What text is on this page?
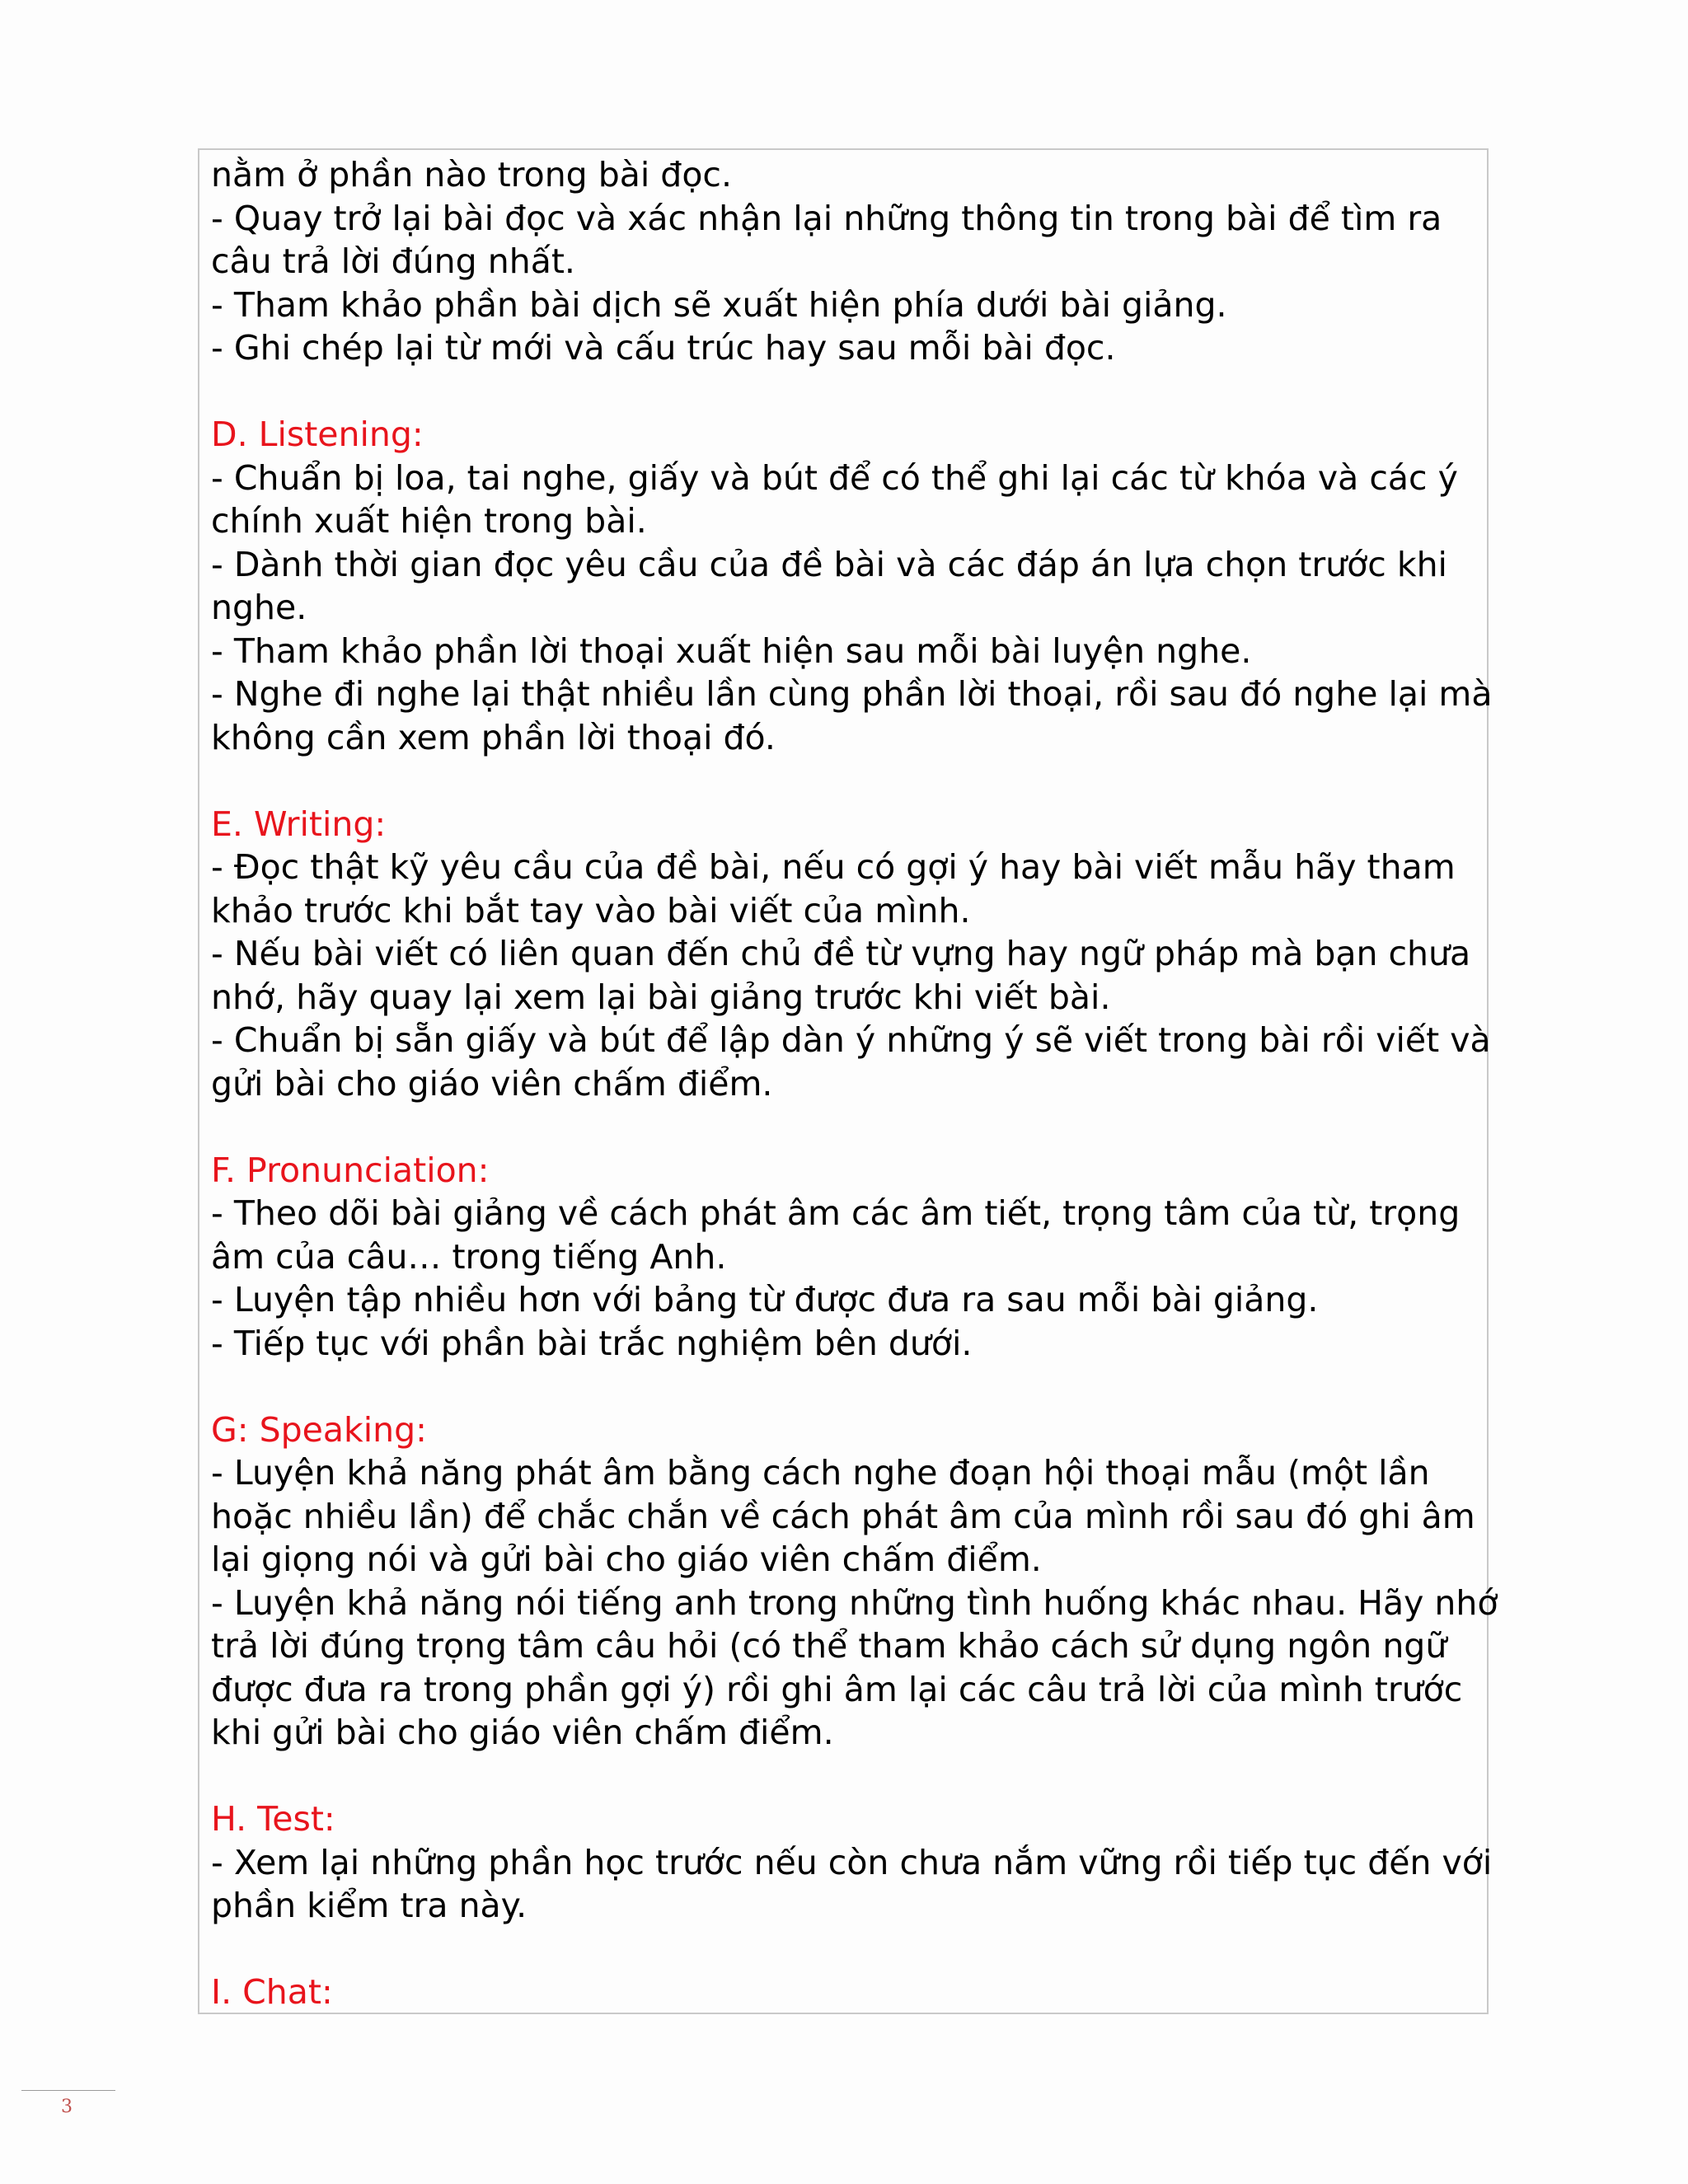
nằm ở phần nào trong bài đọc.
- Quay trở lại bài đọc và xác nhận lại những thông tin trong bài để tìm ra
câu trả lời đúng nhất.
- Tham khảo phần bài dịch sẽ xuất hiện phía dưới bài giảng.
- Ghi chép lại từ mới và cấu trúc hay sau mỗi bài đọc.
D. Listening:
- Chuẩn bị loa, tai nghe, giấy và bút để có thể ghi lại các từ khóa và các ý
chính xuất hiện trong bài.
- Dành thời gian đọc yêu cầu của đề bài và các đáp án lựa chọn trước khi
nghe.
- Tham khảo phần lời thoại xuất hiện sau mỗi bài luyện nghe.
- Nghe đi nghe lại thật nhiều lần cùng phần lời thoại, rồi sau đó nghe lại mà
không cần xem phần lời thoại đó.
E. Writing:
- Đọc thật kỹ yêu cầu của đề bài, nếu có gợi ý hay bài viết mẫu hãy tham
khảo trước khi bắt tay vào bài viết của mình.
- Nếu bài viết có liên quan đến chủ đề từ vựng hay ngữ pháp mà bạn chưa
nhớ, hãy quay lại xem lại bài giảng trước khi viết bài.
- Chuẩn bị sẵn giấy và bút để lập dàn ý những ý sẽ viết trong bài rồi viết và
gửi bài cho giáo viên chấm điểm.
F. Pronunciation:
- Theo dõi bài giảng về cách phát âm các âm tiết, trọng tâm của từ, trọng
âm của câu… trong tiếng Anh.
- Luyện tập nhiều hơn với bảng từ được đưa ra sau mỗi bài giảng.
- Tiếp tục với phần bài trắc nghiệm bên dưới.
G: Speaking:
- Luyện khả năng phát âm bằng cách nghe đoạn hội thoại mẫu (một lần
hoặc nhiều lần) để chắc chắn về cách phát âm của mình rồi sau đó ghi âm
lại giọng nói và gửi bài cho giáo viên chấm điểm.
- Luyện khả năng nói tiếng anh trong những tình huống khác nhau. Hãy nhớ
trả lời đúng trọng tâm câu hỏi (có thể tham khảo cách sử dụng ngôn ngữ
được đưa ra trong phần gợi ý) rồi ghi âm lại các câu trả lời của mình trước
khi gửi bài cho giáo viên chấm điểm.
H. Test:
- Xem lại những phần học trước nếu còn chưa nắm vững rồi tiếp tục đến với
phần kiểm tra này.
I. Chat:
3
